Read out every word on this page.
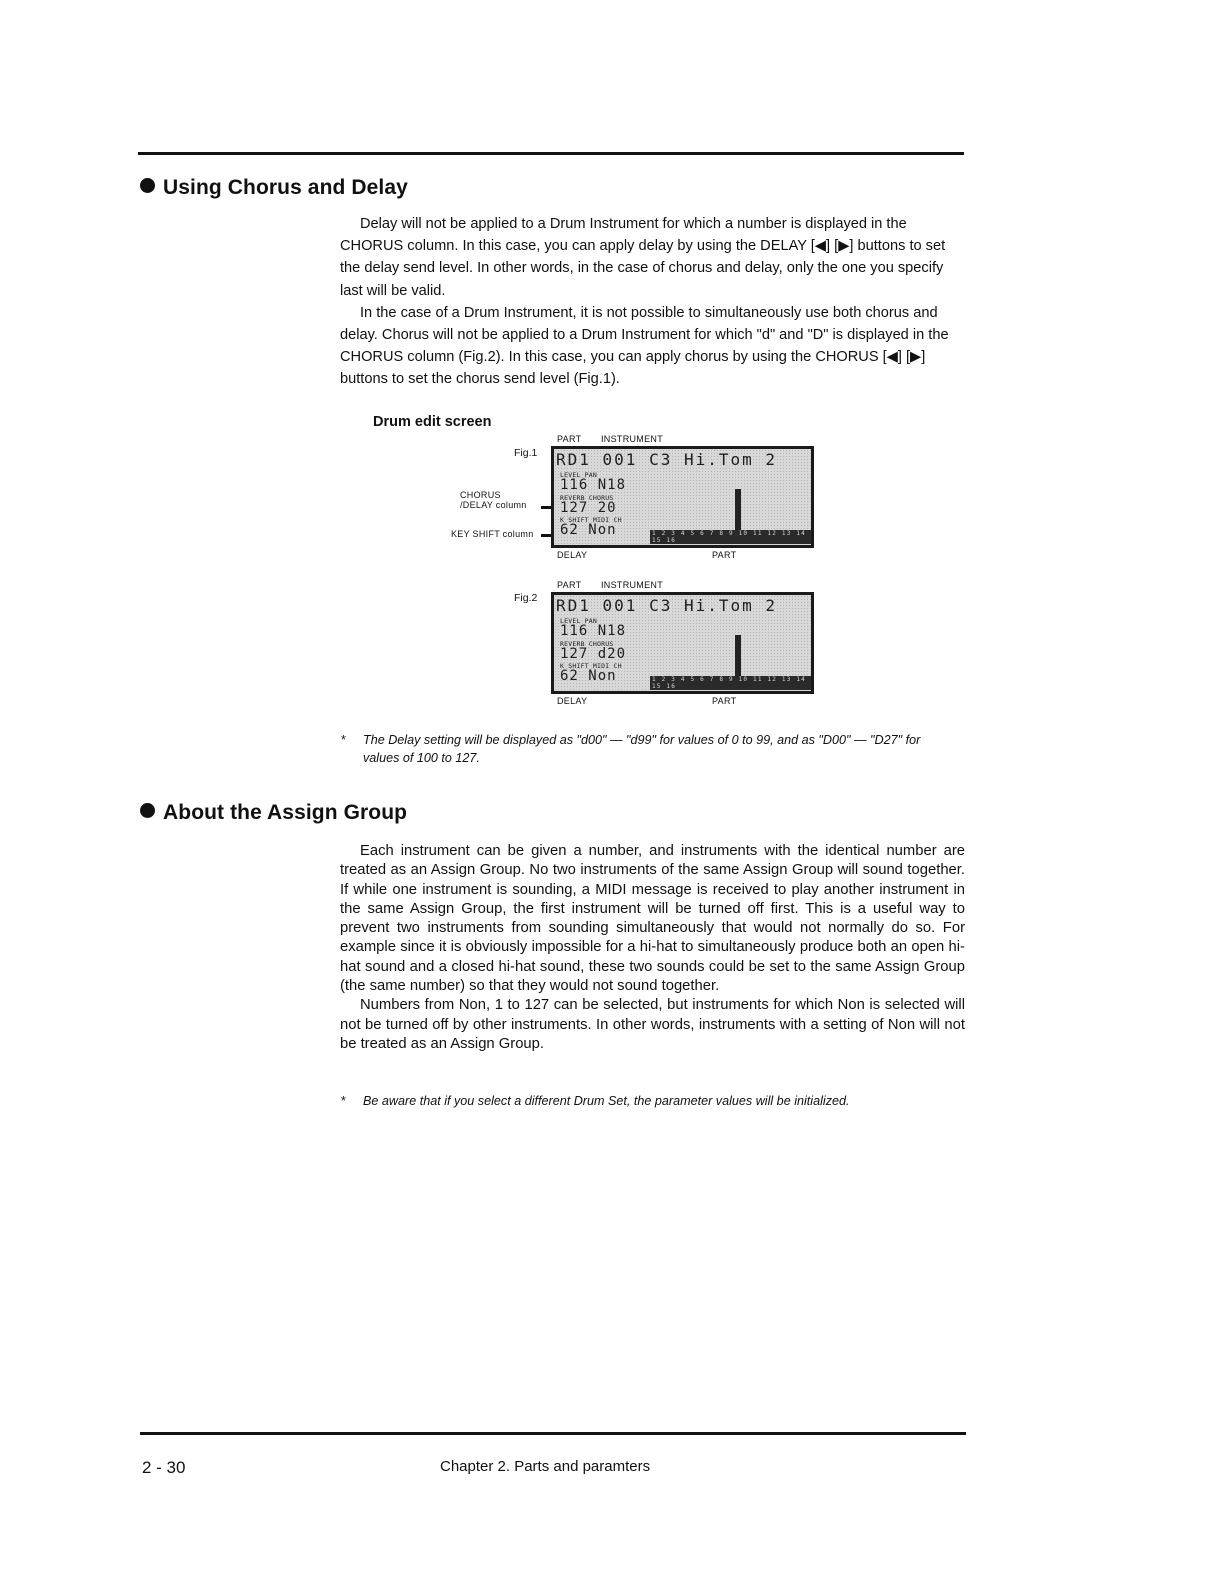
Using Chorus and Delay

Delay will not be applied to a Drum Instrument for which a number is displayed in the CHORUS column. In this case, you can apply delay by using the DELAY [◀] [▶] buttons to set the delay send level. In other words, in the case of chorus and delay, only the one you specify last will be valid.

In the case of a Drum Instrument, it is not possible to simultaneously use both chorus and delay. Chorus will not be applied to a Drum Instrument for which "d" and "D" is displayed in the CHORUS column (Fig.2). In this case, you can apply chorus by using the CHORUS [◀] [▶] buttons to set the chorus send level (Fig.1).

Drum edit screen
PART INSTRUMENT
Fig.1
CHORUS
/DELAY column
KEY SHIFT column
RD1 001 C3 Hi.Tom 2
LEVEL PAN
116 N18
REVERB CHORUS
127 20
K SHIFT MIDI CH
62 Non	1 2 3 4 5 6 7 8 9 10 11 12 13 14 15 16
DELAY	PART
PART INSTRUMENT
Fig.2 RD1 001 C3 Hi.Tom 2
LEVEL PAN
116 N18
REVERB CHORUS
127 d20
K SHIFT MIDI CH
62 Non	1 2 3 4 5 6 7 8 9 10 11 12 13 14 15 16
DELAY	PART
*	The Delay setting will be displayed as "d00" — "d99" for values of 0 to 99, and as "D00" — "D27" for values of 100 to 127.
About the Assign Group

Each instrument can be given a number, and instruments with the identical number are treated as an Assign Group. No two instruments of the same Assign Group will sound together. If while one instrument is sounding, a MIDI message is received to play another instrument in the same Assign Group, the first instrument will be turned off first. This is a useful way to prevent two instruments from sounding simultaneously that would not normally do so. For example since it is obviously impossible for a hi-hat to simultaneously produce both an open hi-hat sound and a closed hi-hat sound, these two sounds could be set to the same Assign Group (the same number) so that they would not sound together.

Numbers from Non, 1 to 127 can be selected, but instruments for which Non is selected will not be turned off by other instruments. In other words, instruments with a setting of Non will not be treated as an Assign Group.

*	Be aware that if you select a different Drum Set, the parameter values will be initialized.
2 - 30	Chapter 2. Parts and paramters
